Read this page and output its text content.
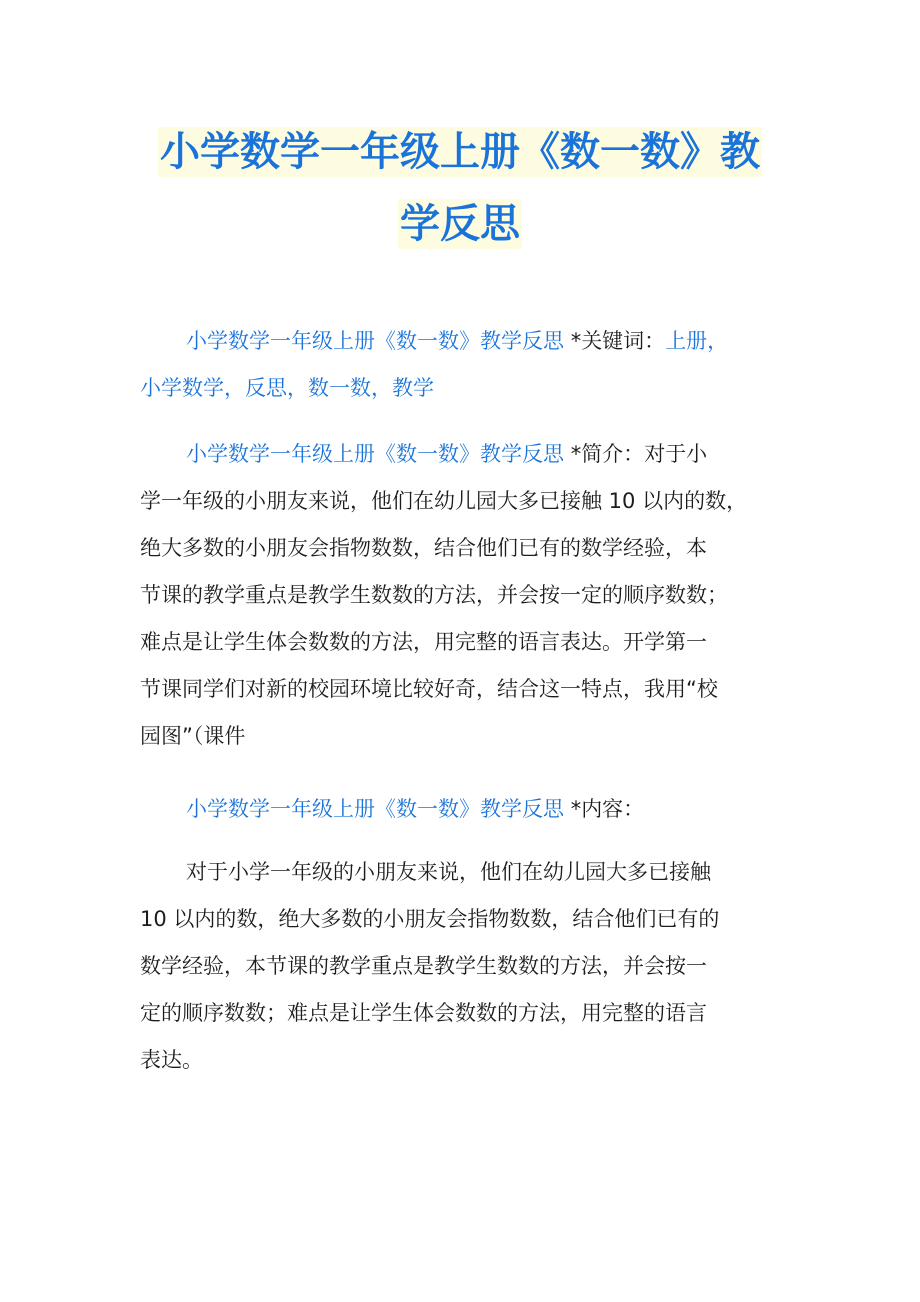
小学数学一年级上册《数一数》教
学反思

小学数学一年级上册《数一数》教学反思 *关键词：上册，
小学数学，反思，数一数，教学

小学数学一年级上册《数一数》教学反思 *简介：对于小
学一年级的小朋友来说，他们在幼儿园大多已接触 10 以内的数，
绝大多数的小朋友会指物数数，结合他们已有的数学经验，本
节课的教学重点是教学生数数的方法，并会按一定的顺序数数；
难点是让学生体会数数的方法，用完整的语言表达。开学第一
节课同学们对新的校园环境比较好奇，结合这一特点，我用“校
园图”（课件

小学数学一年级上册《数一数》教学反思 *内容：

对于小学一年级的小朋友来说，他们在幼儿园大多已接触
10 以内的数，绝大多数的小朋友会指物数数，结合他们已有的
数学经验，本节课的教学重点是教学生数数的方法，并会按一
定的顺序数数；难点是让学生体会数数的方法，用完整的语言
表达。
